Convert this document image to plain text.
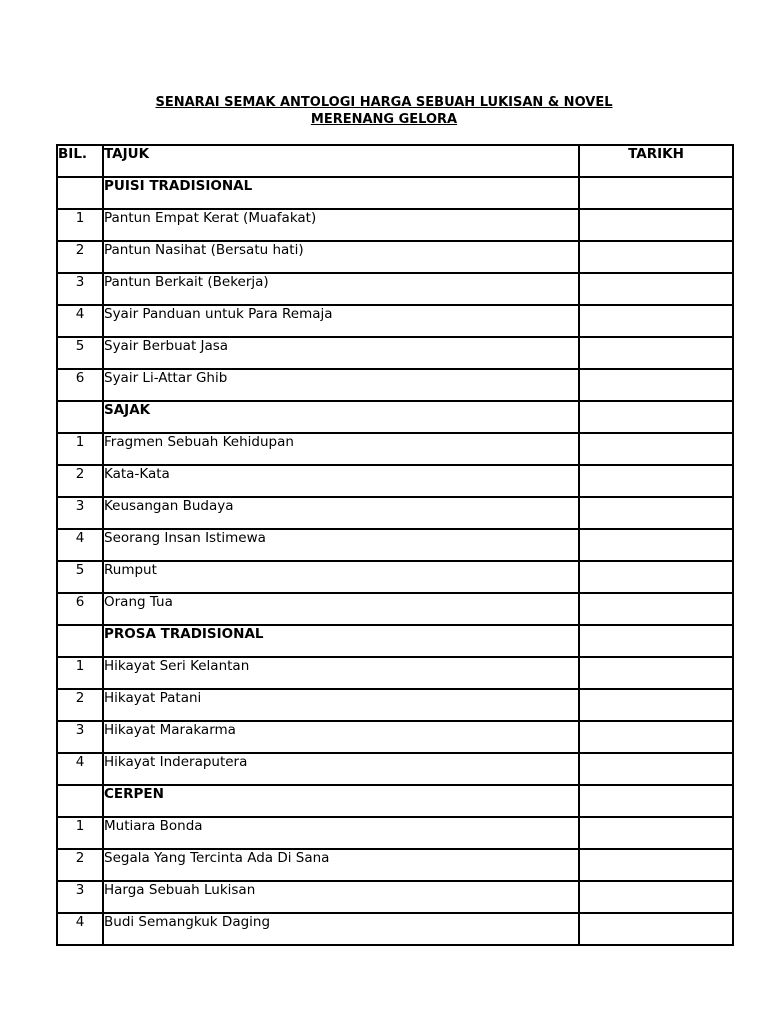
SENARAI SEMAK ANTOLOGI HARGA SEBUAH LUKISAN & NOVEL
MERENANG GELORA
BIL.	TAJUK	TARIKH
	PUISI TRADISIONAL	
1	Pantun Empat Kerat (Muafakat)	
2	Pantun Nasihat (Bersatu hati)	
3	Pantun Berkait (Bekerja)	
4	Syair Panduan untuk Para Remaja	
5	Syair Berbuat Jasa	
6	Syair Li-Attar Ghib	
	SAJAK	
1	Fragmen Sebuah Kehidupan	
2	Kata-Kata	
3	Keusangan Budaya	
4	Seorang Insan Istimewa	
5	Rumput	
6	Orang Tua	
	PROSA TRADISIONAL	
1	Hikayat Seri Kelantan	
2	Hikayat Patani	
3	Hikayat Marakarma	
4	Hikayat Inderaputera	
	CERPEN	
1	Mutiara Bonda	
2	Segala Yang Tercinta Ada Di Sana	
3	Harga Sebuah Lukisan	
4	Budi Semangkuk Daging	
